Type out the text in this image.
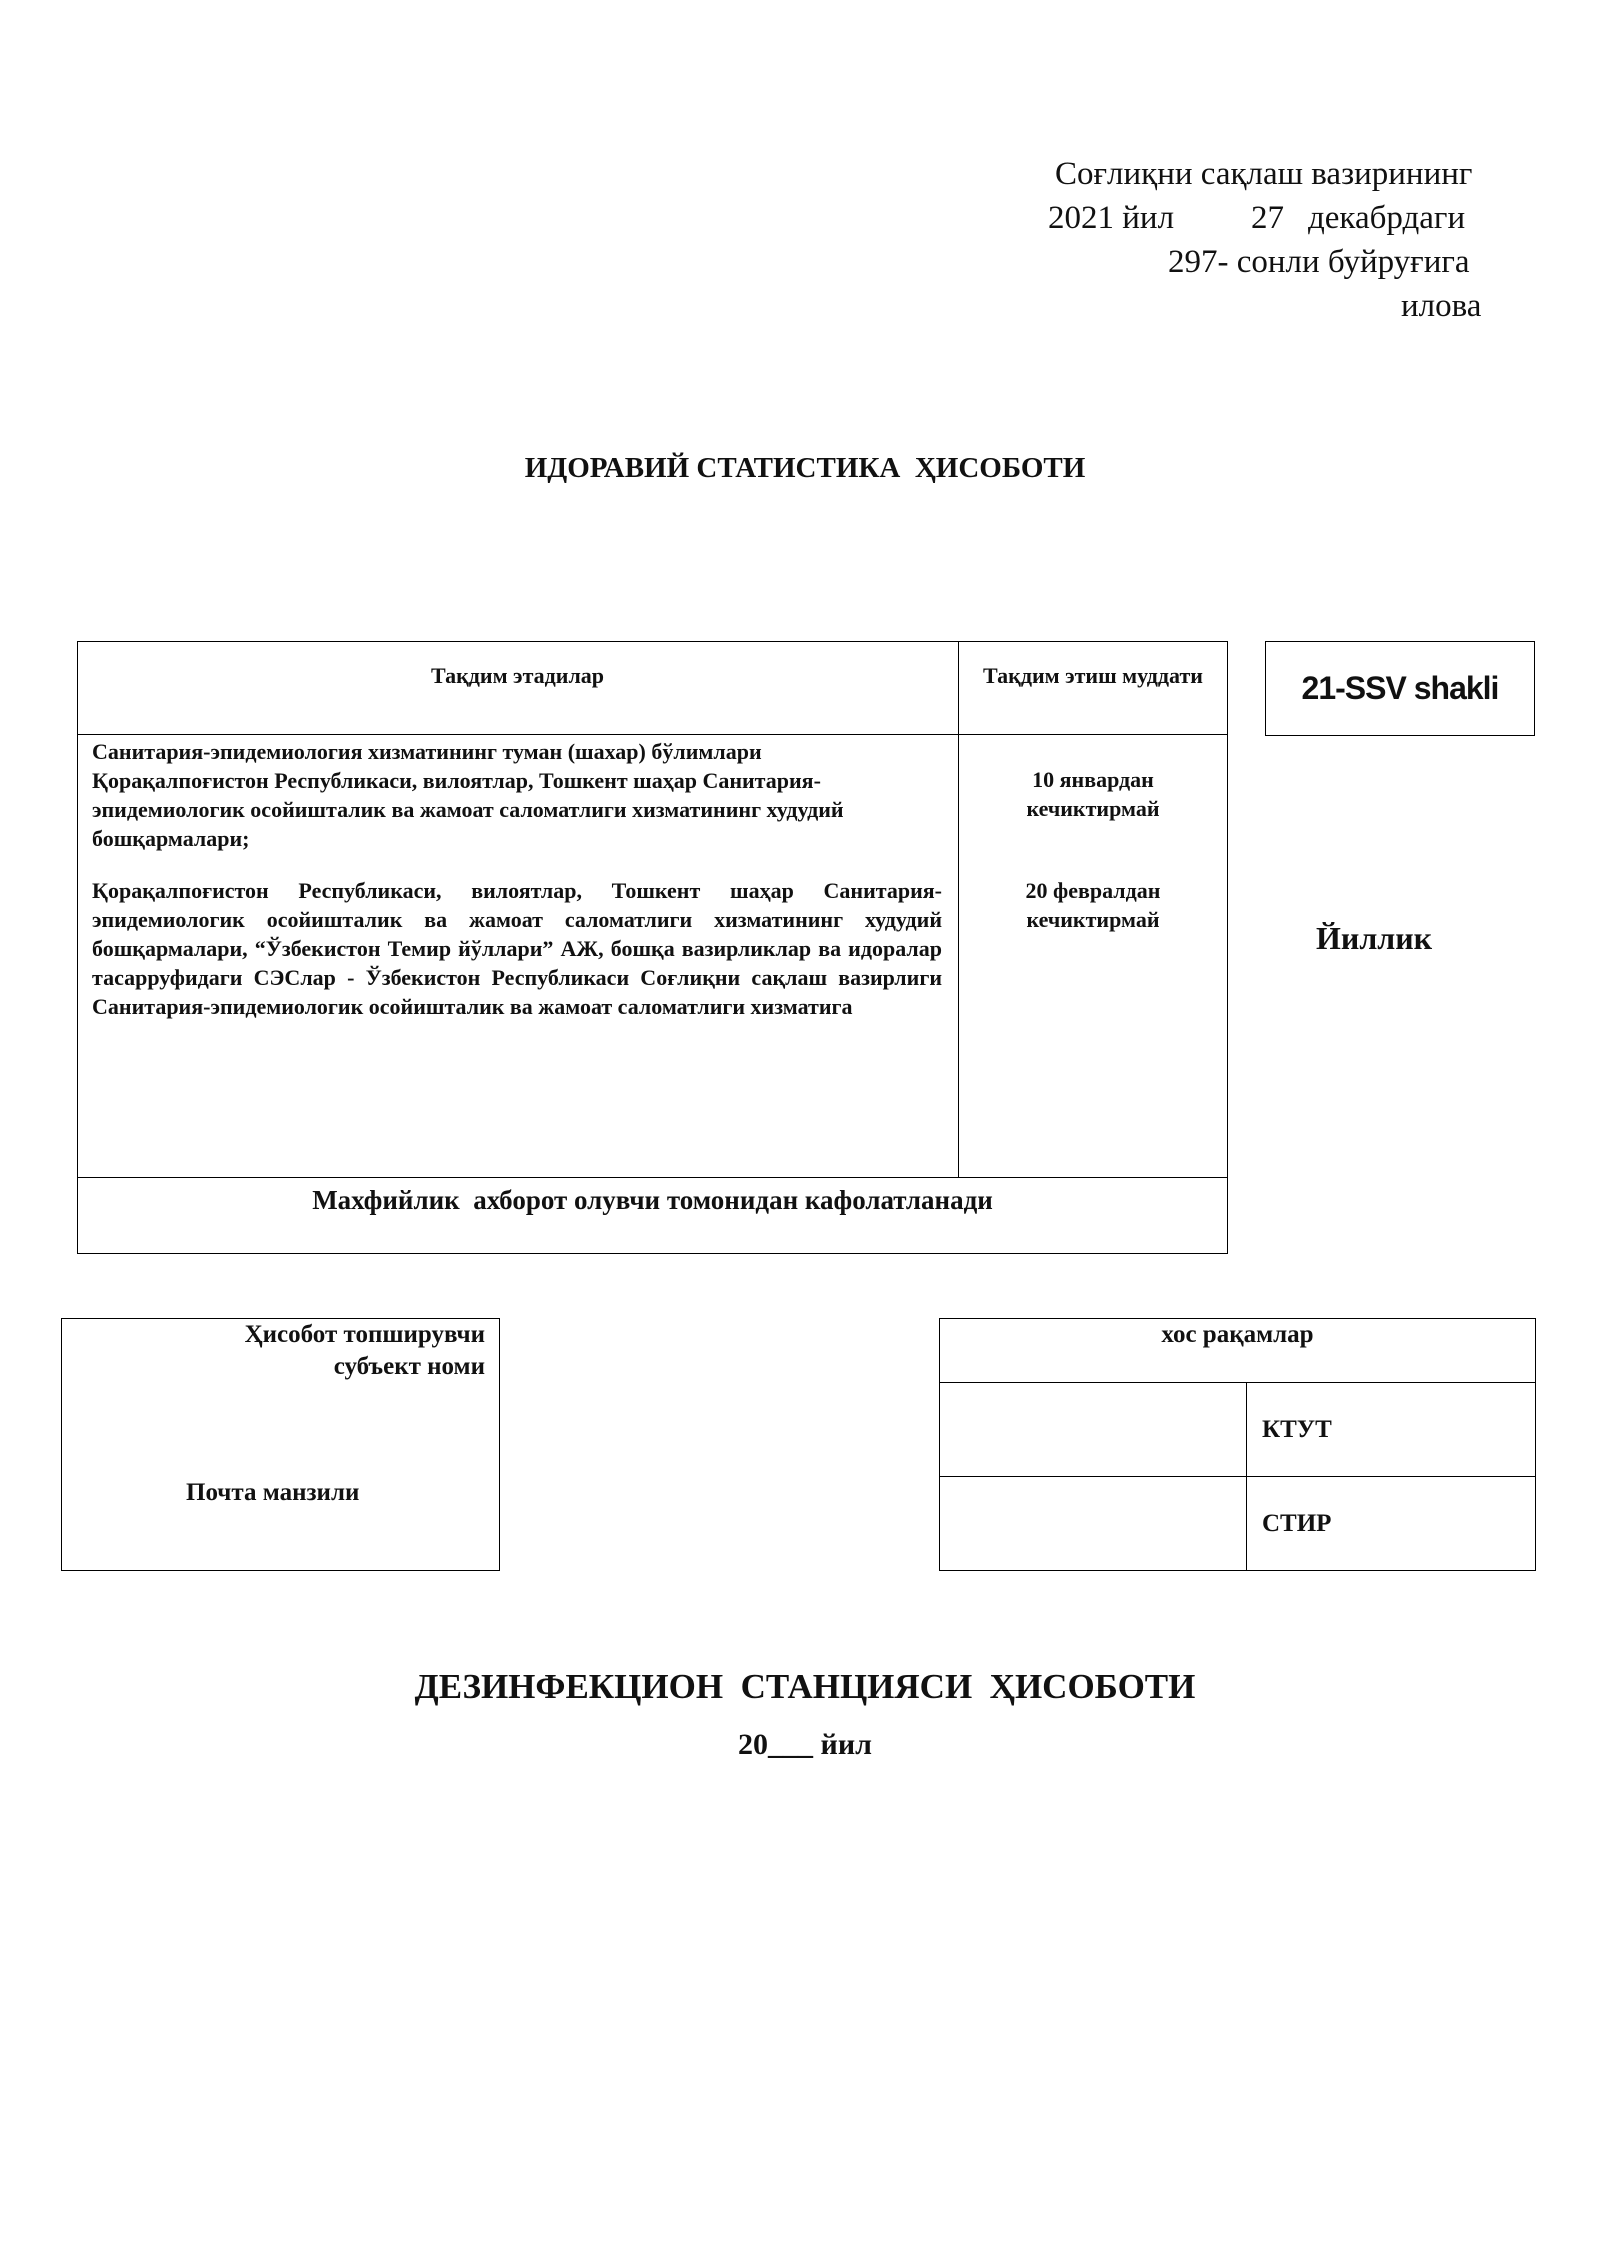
Соғлиқни сақлаш вазирининг
2021 йил 27 декабрдаги
297- сонли буйруғига
илова
ИДОРАВИЙ СТАТИСТИКА  ҲИСОБОТИ
Тақдим этадилар	Тақдим этиш муддати
Санитария-эпидемиология хизматининг туман (шахар) бўлимлари Қорақалпоғистон Республикаси, вилоятлар, Тошкент шаҳар Санитария-эпидемиологик осойишталик ва жамоат саломатлиги хизматининг худудий бошқармалари;
Қорақалпоғистон Республикаси, вилоятлар, Тошкент шаҳар Санитария-эпидемиологик осойишталик ва жамоат саломатлиги хизматининг худудий бошқармалари, “Ўзбекистон Темир йўллари” АЖ, бошқа вазирликлар ва идоралар тасарруфидаги СЭСлар - Ўзбекистон Республикаси Соғлиқни сақлаш вазирлиги Санитария-эпидемиологик осойишталик ва жамоат саломатлиги хизматига
10 январдан кечиктирмай
20 февралдан кечиктирмай
Махфийлик  ахборот олувчи томонидан кафолатланади
21-SSV shakli
Йиллик
Ҳисобот топширувчи субъект номи
Почта манзили
хос рақамлар
КТУТ
СТИР
ДЕЗИНФЕКЦИОН  СТАНЦИЯСИ  ҲИСОБОТИ
20___ йил
